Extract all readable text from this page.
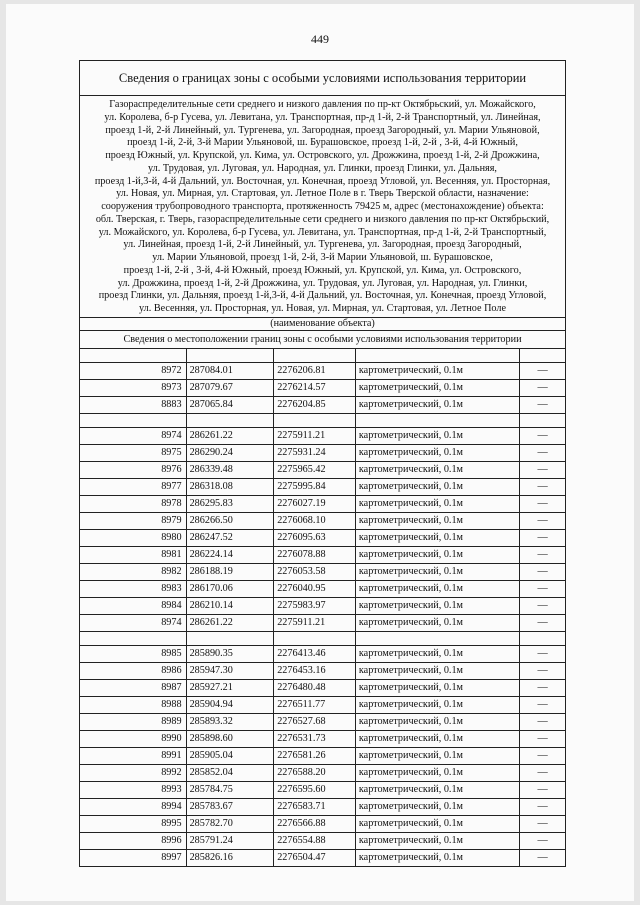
449
Сведения о границах зоны с особыми условиями использования территории
Газораспределительные сети среднего и низкого давления по пр-кт Октябрьский, ул. Можайского,
ул. Королева, б-р Гусева, ул. Левитана, ул. Транспортная, пр-д 1-й, 2-й Транспортный, ул. Линейная,
проезд 1-й, 2-й Линейный, ул. Тургенева, ул. Загородная, проезд Загородный, ул. Марии Ульяновой,
проезд 1-й, 2-й, 3-й Марии Ульяновой, ш. Бурашовское, проезд 1-й, 2-й , 3-й, 4-й Южный,
проезд Южный, ул. Крупской, ул. Кима, ул. Островского, ул. Дрожжина, проезд 1-й, 2-й Дрожжина,
ул. Трудовая, ул. Луговая, ул. Народная, ул. Глинки, проезд Глинки, ул. Дальняя,
проезд 1-й,3-й, 4-й Дальний, ул. Восточная, ул. Конечная, проезд Угловой, ул. Весенняя, ул. Просторная,
ул. Новая, ул. Мирная, ул. Стартовая, ул. Летное Поле в г. Тверь Тверской области, назначение:
сооружения трубопроводного транспорта, протяженность 79425 м, адрес (местонахождение) объекта:
обл. Тверская, г. Тверь, газораспределительные сети среднего и низкого давления по пр-кт Октябрьский,
ул. Можайского, ул. Королева, б-р Гусева, ул. Левитана, ул. Транспортная, пр-д 1-й, 2-й Транспортный,
ул. Линейная, проезд 1-й, 2-й Линейный, ул. Тургенева, ул. Загородная, проезд Загородный,
ул. Марии Ульяновой, проезд 1-й, 2-й, 3-й Марии Ульяновой, ш. Бурашовское,
проезд 1-й, 2-й , 3-й, 4-й Южный, проезд Южный, ул. Крупской, ул. Кима, ул. Островского,
ул. Дрожжина, проезд 1-й, 2-й Дрожжина, ул. Трудовая, ул. Луговая, ул. Народная, ул. Глинки,
проезд Глинки, ул. Дальняя, проезд 1-й,3-й, 4-й Дальний, ул. Восточная, ул. Конечная, проезд Угловой,
ул. Весенняя, ул. Просторная, ул. Новая, ул. Мирная, ул. Стартовая, ул. Летное Поле
(наименование объекта)
Сведения о местоположении границ зоны с особыми условиями использования территории
8972 287084.01	2276206.81	картометрический, 0.1м	—
8973 287079.67	2276214.57	картометрический, 0.1м	—
8883 287065.84	2276204.85	картометрический, 0.1м	—
8974 286261.22	2275911.21	картометрический, 0.1м	—
8975 286290.24	2275931.24	картометрический, 0.1м	—
8976 286339.48	2275965.42	картометрический, 0.1м	—
8977 286318.08	2275995.84	картометрический, 0.1м	—
8978 286295.83	2276027.19	картометрический, 0.1м	—
8979 286266.50	2276068.10	картометрический, 0.1м	—
8980 286247.52	2276095.63	картометрический, 0.1м	—
8981 286224.14	2276078.88	картометрический, 0.1м	—
8982 286188.19	2276053.58	картометрический, 0.1м	—
8983 286170.06	2276040.95	картометрический, 0.1м	—
8984 286210.14	2275983.97	картометрический, 0.1м	—
8974 286261.22	2275911.21	картометрический, 0.1м	—
8985 285890.35	2276413.46	картометрический, 0.1м	—
8986 285947.30	2276453.16	картометрический, 0.1м	—
8987 285927.21	2276480.48	картометрический, 0.1м	—
8988 285904.94	2276511.77	картометрический, 0.1м	—
8989 285893.32	2276527.68	картометрический, 0.1м	—
8990 285898.60	2276531.73	картометрический, 0.1м	—
8991 285905.04	2276581.26	картометрический, 0.1м	—
8992 285852.04	2276588.20	картометрический, 0.1м	—
8993 285784.75	2276595.60	картометрический, 0.1м	—
8994 285783.67	2276583.71	картометрический, 0.1м	—
8995 285782.70	2276566.88	картометрический, 0.1м	—
8996 285791.24	2276554.88	картометрический, 0.1м	—
8997 285826.16	2276504.47	картометрический, 0.1м	—
